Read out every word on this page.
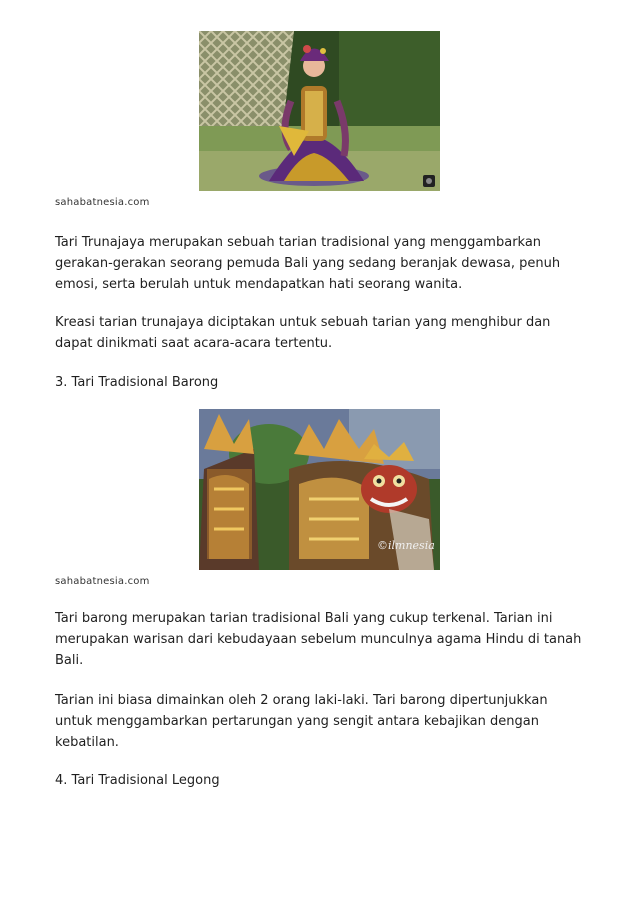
sahabatnesia.com

Tari Trunajaya merupakan sebuah tarian tradisional yang menggambarkan gerakan-gerakan seorang pemuda Bali yang sedang beranjak dewasa, penuh emosi, serta berulah untuk mendapatkan hati seorang wanita.

Kreasi tarian trunajaya diciptakan untuk sebuah tarian yang menghibur dan dapat dinikmati saat acara-acara tertentu.

3. Tari Tradisional Barong
©ilmnesia
sahabatnesia.com

Tari barong merupakan tarian tradisional Bali yang cukup terkenal. Tarian ini merupakan warisan dari kebudayaan sebelum munculnya agama Hindu di tanah Bali.

Tarian ini biasa dimainkan oleh 2 orang laki-laki. Tari barong dipertunjukkan untuk menggambarkan pertarungan yang sengit antara kebajikan dengan kebatilan.

4. Tari Tradisional Legong
